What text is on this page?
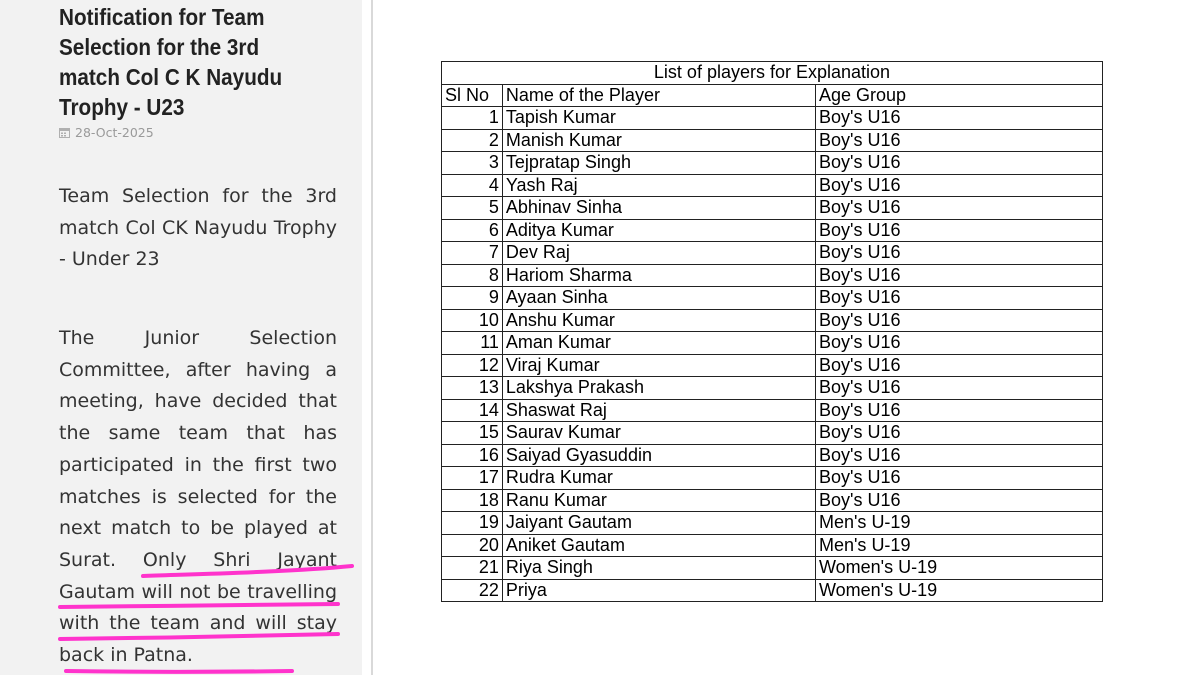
Notification for Team Selection for the 3rd match Col C K Nayudu Trophy - U23
28-Oct-2025

Team Selection for the 3rd match Col CK Nayudu Trophy - Under 23

The Junior Selection Committee, after having a meeting, have decided that the same team that has participated in the first two matches is selected for the next match to be played at Surat. Only Shri Jayant Gautam will not be travelling with the team and will stay back in Patna.

List of players for Explanation		
Sl No	Name of the Player	Age Group
1	Tapish Kumar	Boy's U16
2	Manish Kumar	Boy's U16
3	Tejpratap Singh	Boy's U16
4	Yash Raj	Boy's U16
5	Abhinav Sinha	Boy's U16
6	Aditya Kumar	Boy's U16
7	Dev Raj	Boy's U16
8	Hariom Sharma	Boy's U16
9	Ayaan Sinha	Boy's U16
10	Anshu Kumar	Boy's U16
11	Aman Kumar	Boy's U16
12	Viraj Kumar	Boy's U16
13	Lakshya Prakash	Boy's U16
14	Shaswat Raj	Boy's U16
15	Saurav Kumar	Boy's U16
16	Saiyad Gyasuddin	Boy's U16
17	Rudra Kumar	Boy's U16
18	Ranu Kumar	Boy's U16
19	Jaiyant Gautam	Men's U-19
20	Aniket Gautam	Men's U-19
21	Riya Singh	Women's U-19
22	Priya	Women's U-19
